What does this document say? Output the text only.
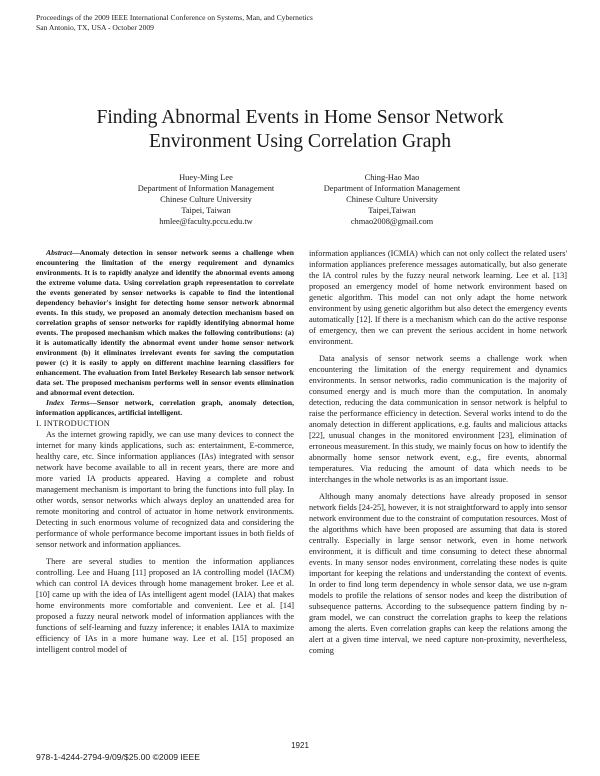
Proceedings of the 2009 IEEE International Conference on Systems, Man, and Cybernetics
San Antonio, TX, USA - October 2009
Finding Abnormal Events in Home Sensor Network
Environment Using Correlation Graph
Huey-Ming Lee
Department of Information Management
Chinese Culture University
Taipei, Taiwan
hmlee@faculty.pccu.edu.tw
Ching-Hao Mao
Department of Information Management
Chinese Culture University
Taipei,Taiwan
chmao2008@gmail.com

Abstract—Anomaly detection in sensor network seems a challenge when encountering the limitation of the energy requirement and dynamics environments. It is to rapidly analyze and identify the abnormal events among the extreme volume data. Using correlation graph representation to correlate the events generated by sensor networks is capable to find the intentional dependency behavior's insight for detecting home sensor network abnormal events. In this study, we proposed an anomaly detection mechanism based on correlation graphs of sensor networks for rapidly identifying abnormal home events. The proposed mechanism which makes the following contributions: (a) it is automatically identify the abnormal event under home sensor network environment (b) it eliminates irrelevant events for saving the computation power (c) it is easily to apply on different machine learning classifiers for enhancement. The evaluation from Intel Berkeley Research lab sensor network data set. The proposed mechanism performs well in sensor events elimination and abnormal event detection.

Index Terms—Sensor network, correlation graph, anomaly detection, information applicances, artificial intelligent.

I. INTRODUCTION

As the internet growing rapidly, we can use many devices to connect the internet for many kinds applications, such as: entertainment, E-commerce, healthy care, etc. Since information appliances (IAs) integrated with sensor network have become available to all in recent years, there are more and more varied IA products appeared. Having a complete and robust management mechanism is important to bring the functions into full play. In other words, sensor networks which always deploy an unattended area for remote monitoring and control of actuator in home network environments. Detecting in such enormous volume of recognized data and considering the performance of whole performance become important issues in both fields of sensor network and information appliances.

There are several studies to mention the information appliances controlling. Lee and Huang [11] proposed an IA controlling model (IACM) which can control IA devices through home management broker. Lee et al. [10] came up with the idea of IAs intelligent agent model (IAIA) that makes home environments more comfortable and convenient. Lee et al. [14] proposed a fuzzy neural network model of information appliances with the functions of self-learning and fuzzy inference; it enables IAIA to maximize efficiency of IAs in a more humane way. Lee et al. [15] proposed an intelligent control model of

information appliances (ICMIA) which can not only collect the related users' information appliances preference messages automatically, but also generate the IA control rules by the fuzzy neural network learning. Lee et al. [13] proposed an emergency model of home network environment based on genetic algorithm. This model can not only adapt the home network environment by using genetic algorithm but also detect the emergency events automatically [12]. If there is a mechanism which can do the active response of emergency, then we can prevent the serious accident in home network environment.

Data analysis of sensor network seems a challenge work when encountering the limitation of the energy requirement and dynamics environments. In sensor networks, radio communication is the majority of consumed energy and is much more than the computation. In anomaly detection, reducing the data communication in sensor network is helpful to raise the performance efficiency in detection. Several works intend to do the anomaly detection in different applications, e.g. faults and malicious attacks [22], unusual changes in the monitored environment [23], elimination of erroneous measurement. In this study, we mainly focus on how to identify the abnormally home sensor network event, e.g., fire events, abnormal temperatures. Via reducing the amount of data which needs to be interchanges in the whole networks is as an important issue.

Although many anomaly detections have already proposed in sensor network fields [24-25], however, it is not straightforward to apply into sensor network environment due to the constraint of computation resources. Most of the algorithms which have been proposed are assuming that data is stored centrally. Especially in large sensor network, even in home network environment, it is difficult and time consuming to detect these abnormal events. In many sensor nodes environment, correlating these nodes is quite important for keeping the relations and understanding the context of events. In order to find long term dependency in whole sensor data, we use n-gram models to profile the relations of sensor nodes and keep the distribution of subsequence patterns. According to the subsequence pattern finding by n-gram model, we can construct the correlation graphs to keep the relations among the alerts. Even correlation graphs can keep the relations among the alert at a given time interval, we need capture non-proximity, nevertheless, coming

1921
978-1-4244-2794-9/09/$25.00 ©2009 IEEE
